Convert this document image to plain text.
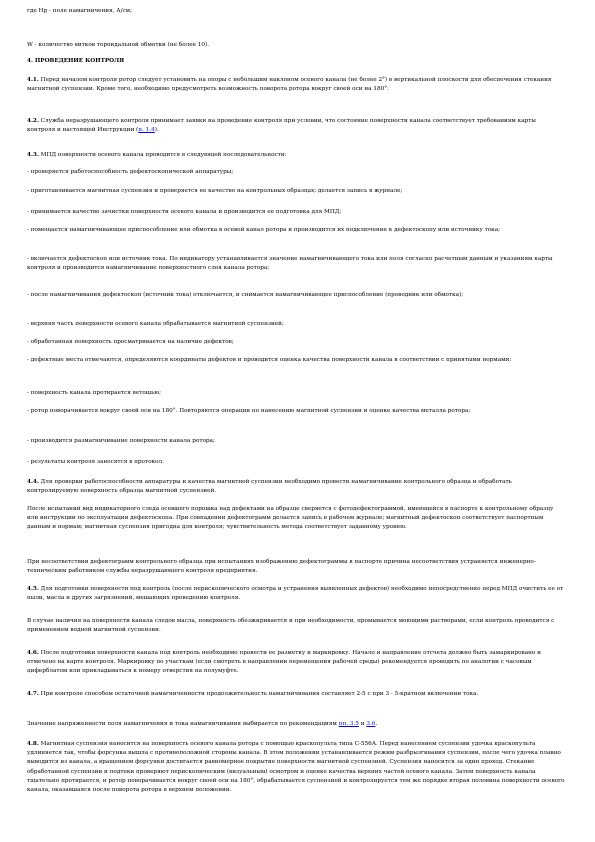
где Нр - поле намагничения, А/см;

W - количество витков тороидальной обмотки (не более 10).

4. ПРОВЕДЕНИЕ КОНТРОЛЯ

4.1. Перед началом контроля ротор следует установить на опоры с небольшим наклоном осевого канала (не более 2°) в вертикальной плоскости для обеспечения стекания магнитной суспензии. Кроме того, необходимо предусмотреть возможность поворота ротора вокруг своей оси на 180°.

4.2. Служба неразрушающего контроля принимает заявки на проведение контроля при условии, что состояние поверхности канала соответствует требованиям карты контроля и настоящей Инструкции (п. 1.4).

4.3. МПД поверхности осевого канала проводится в следующей последовательности:

- проверяется работоспособность дефектоскопической аппаратуры;

- приготавливается магнитная суспензия и проверяется ее качество на контрольных образцах; делается запись в журнале;

- принимается качество зачистки поверхности осевого канала и производится ее подготовка для МПД;

- помещается намагничивающее приспособление или обмотка в осевой канал ротора и производится их подключение к дефектоскопу или источнику тока;

- включается дефектоскоп или источник тока. По индикатору устанавливается значение намагничивающего тока или поля согласно расчетным данным и указаниям карты контроля и производится намагничивание поверхностного слоя канала ротора;

- после намагничивания дефектоскоп (источник тока) отключается, и снимается намагничивающее приспособление (проводник или обмотка);

- верхняя часть поверхности осевого канала обрабатывается магнитной суспензией;

- обработанная поверхность просматривается на наличие дефектов;

- дефектные места отмечаются, определяются координаты дефектов и проводится оценка качества поверхности канала в соответствии с принятыми нормами;

- поверхность канала протирается ветошью;

- ротор поворачивается вокруг своей оси на 180°. Повторяются операции по нанесению магнитной суспензии и оценке качества металла ротора;

- производится размагничивание поверхности канала ротора;

- результаты контроля заносятся в протокол.

4.4. Для проверки работоспособности аппаратуры и качества магнитной суспензии необходимо провести намагничивание контрольного образца и обработать контролируемую поверхность образца магнитной суспензией.

После испытаний вид индикаторного следа осевшего порошка над дефектами на образце сверяется с фотодефектограммой, имеющейся в паспорте к контрольному образцу или инструкции по эксплуатации дефектоскопа. При совпадении дефектограмм делается запись в рабочем журнале; магнитный дефектоскоп соответствует паспортным данным и нормам; магнитная суспензия пригодна для контроля; чувствительность метода соответствует заданному уровню.

При несоответствии дефектограмм контрольного образца при испытаниях изображению дефектограммы в паспорте причина несоответствия устраняется инженерно-техническим работником службы неразрушающего контроля предприятия.

4.5. Для подготовки поверхности под контроль (после перископического осмотра и устранения выявленных дефектов) необходимо непосредственно перед МПД очистить ее от пыли, масла и других загрязнений, мешающих проведению контроля.

В случае наличия на поверхности канала следов масла, поверхность обезжиривается и при необходимости, промывается моющими растворами, если контроль проводится с применением водной магнитной суспензии.

4.6. После подготовки поверхности канала под контроль необходимо провести ее разметку и маркировку. Начало и направление отсчета должно быть замаркировано и отмечено на карте контроля. Маркировку по участкам (если смотреть в направлении перемещения рабочей среды) рекомендуется проводить по аналогии с часовым циферблатом или прикладываться к номеру отверстия на полумуфте.

4.7. При контроле способом остаточной намагниченности продолжительность намагничивания составляет 2-5 с при 3 - 5-кратном включении тока.

Значение напряженности поля намагничения и тока намагничивания выбирается по рекомендациям пп. 3.5 и 3.6.

4.8. Магнитная суспензия наносится на поверхность осевого канала ротора с помощью краскопульта типа С-556А. Перед нанесением суспензии удочка краскопульта удлиняется так, чтобы форсунка вышла с противоположной стороны канала. В этом положении устанавливается режим разбрызгивания суспензии, после чего удочка плавно выводится из канала, а вращением форсунки достигается равномерное покрытие поверхности магнитной суспензией. Суспензия наносится за один проход. Стекание обработанной суспензии и подтеки проверяют перископическим (визуальным) осмотром и оценке качества верхних частей осевого канала. Затем поверхность канала тщательно протирается, и ротор поворачивается вокруг своей оси на 180°, обрабатывается суспензией и контролируется тем же порядке вторая половина поверхности осевого канала, оказавшаяся после поворота ротора в верхнем положении.
